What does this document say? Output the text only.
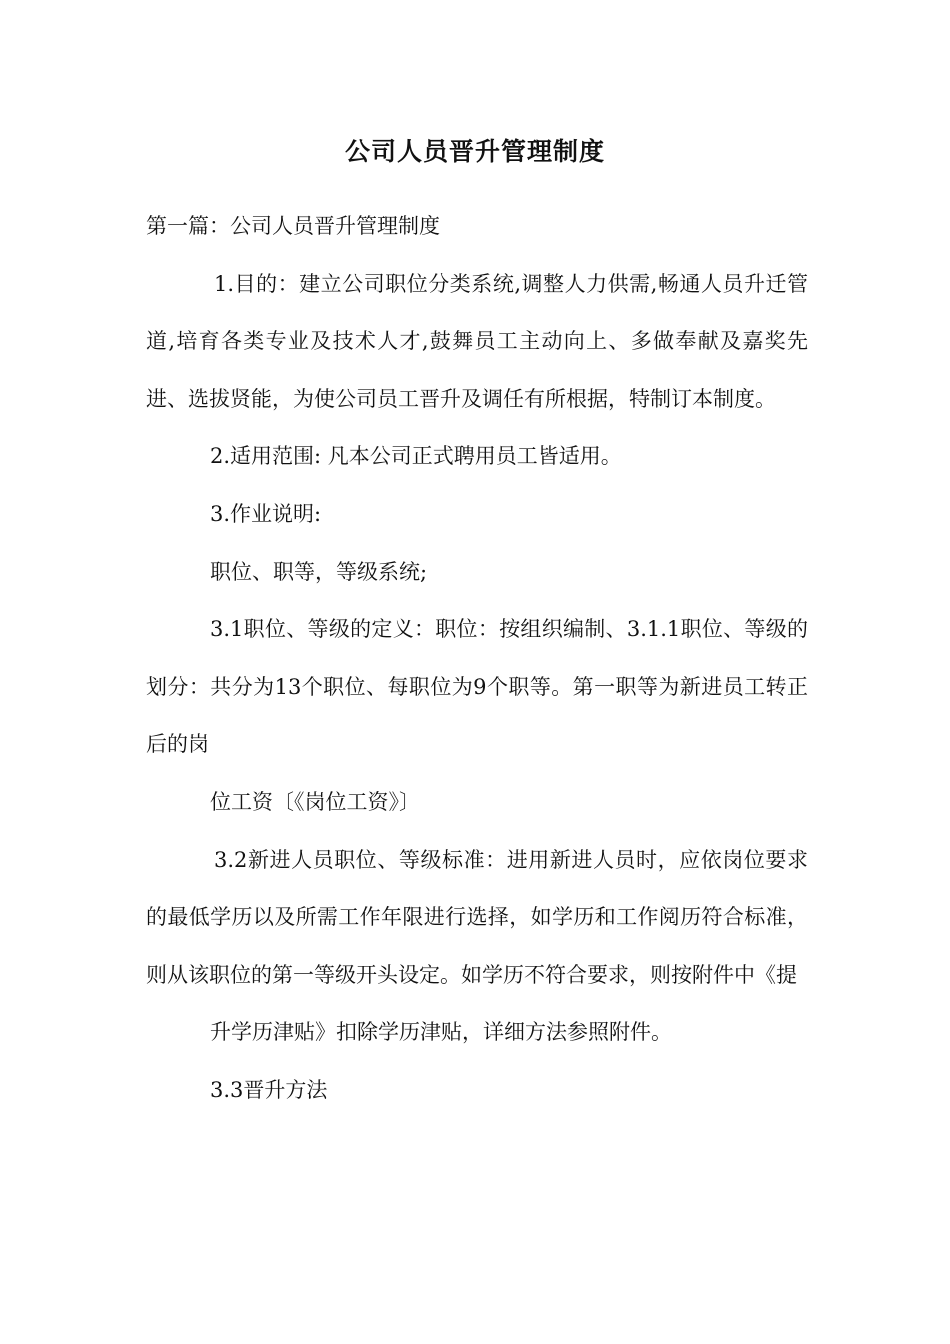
公司人员晋升管理制度

第一篇：公司人员晋升管理制度

1.目的：建立公司职位分类系统,调整人力供需,畅通人员升迁管道,培育各类专业及技术人才,鼓舞员工主动向上、多做奉献及嘉奖先进、选拔贤能，为使公司员工晋升及调任有所根据，特制订本制度。

2.适用范围: 凡本公司正式聘用员工皆适用。

3.作业说明:

职位、职等，等级系统;

3.1职位、等级的定义：职位：按组织编制、3.1.1职位、等级的划分：共分为13个职位、每职位为9个职等。第一职等为新进员工转正后的岗

位工资〔《岗位工资》〕

3.2新进人员职位、等级标准：进用新进人员时，应依岗位要求的最低学历以及所需工作年限进行选择，如学历和工作阅历符合标准，则从该职位的第一等级开头设定。如学历不符合要求，则按附件中《提

升学历津贴》扣除学历津贴，详细方法参照附件。

3.3晋升方法
